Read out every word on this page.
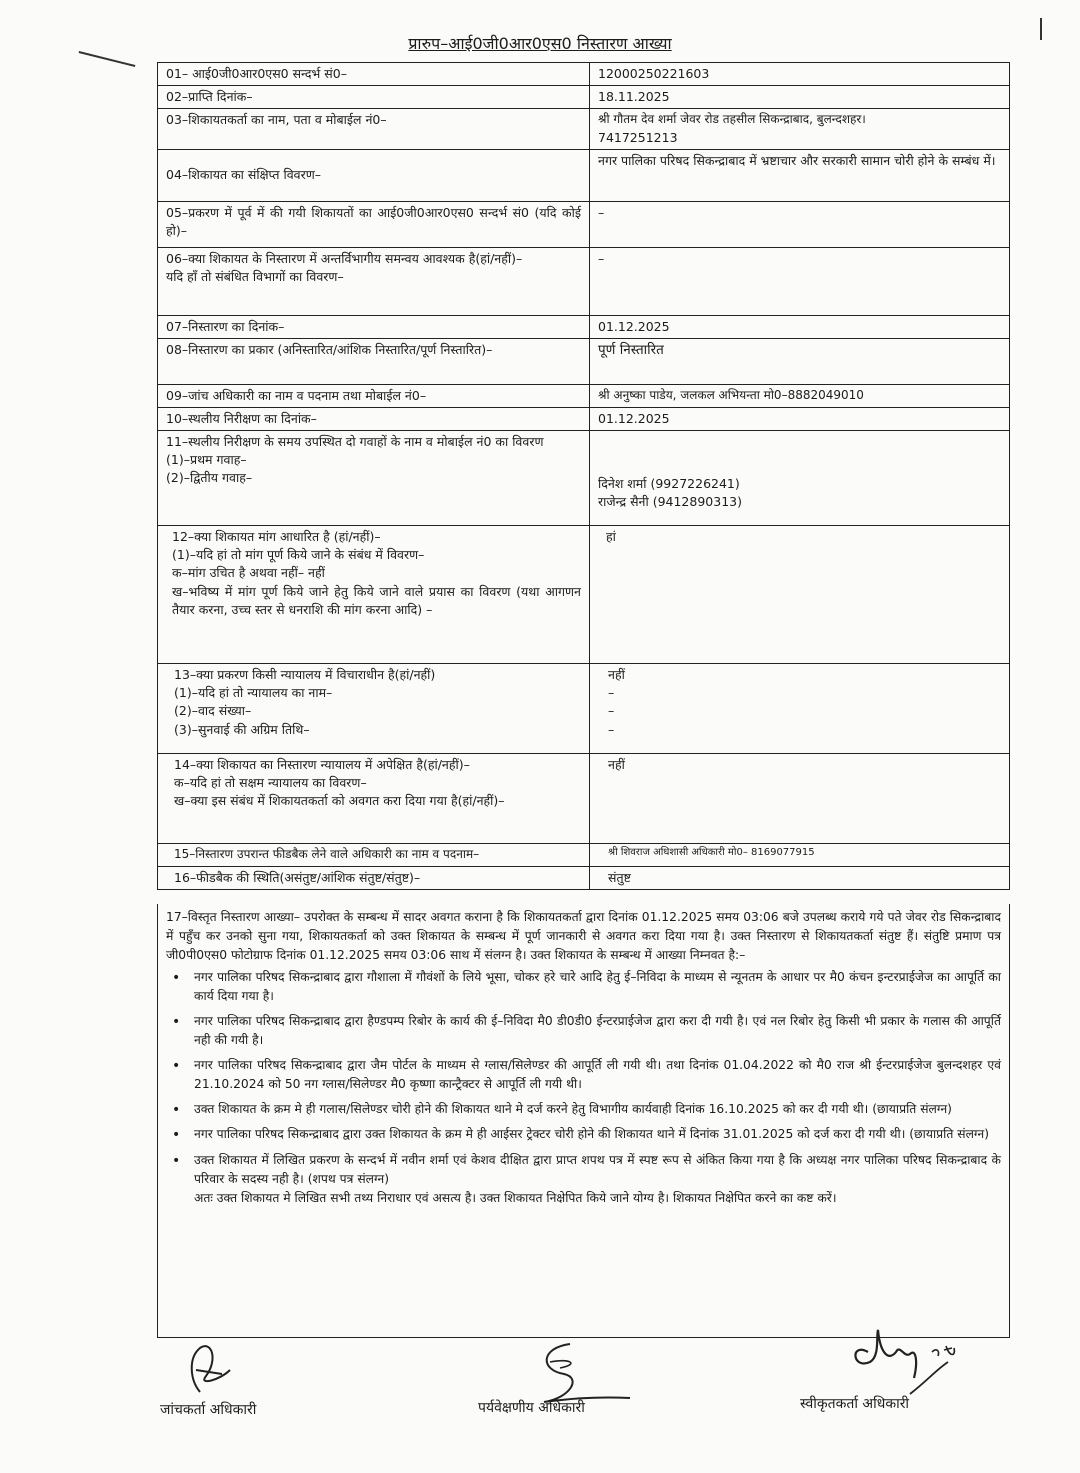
प्रारुप–आई0जी0आर0एस0 निस्तारण आख्या
01– आई0जी0आर0एस0 सन्दर्भ सं0–	12000250221603
02–प्राप्ति दिनांक–	18.11.2025
03–शिकायतकर्ता का नाम, पता व मोबाईल नं0–	श्री गौतम देव शर्मा जेवर रोड तहसील सिकन्द्राबाद, बुलन्दशहर।
7417251213

04–शिकायत का संक्षिप्त विवरण–	नगर पालिका परिषद सिकन्द्राबाद में भ्रष्टाचार और सरकारी सामान चोरी होने के सम्बंध में।
05–प्रकरण में पूर्व में की गयी शिकायतों का आई0जी0आर0एस0 सन्दर्भ सं0 (यदि कोई हो)–	–

06–क्या शिकायत के निस्तारण में अन्तर्विभागीय समन्वय आवश्यक है(हां/नहीं)–
यदि हॉं तो संबंधित विभागों का विवरण–	–
07–निस्तारण का दिनांक–	01.12.2025
08–निस्तारण का प्रकार (अनिस्तारित/आंशिक निस्तारित/पूर्ण निस्तारित)–	पूर्ण निस्तारित
09–जांच अधिकारी का नाम व पदनाम तथा मोबाईल नं0–	श्री अनुष्का पाडेय, जलकल अभियन्ता मो0–8882049010
10–स्थलीय निरीक्षण का दिनांक–	01.12.2025

11–स्थलीय निरीक्षण के समय उपस्थित दो गवाहों के नाम व मोबाईल नं0 का विवरण
(1)–प्रथम गवाह–
(2)–द्वितीय गवाह–	दिनेश शर्मा (9927226241)
राजेन्द्र सैनी (9412890313)

12–क्या शिकायत मांग आधारित है (हां/नहीं)–
(1)–यदि हां तो मांग पूर्ण किये जाने के संबंध में विवरण–
क–मांग उचित है अथवा नहीं– नहीं
ख–भविष्य में मांग पूर्ण किये जाने हेतु किये जाने वाले प्रयास का विवरण (यथा आगणन तैयार करना, उच्च स्तर से धनराशि की मांग करना आदि) –	हां

13–क्या प्रकरण किसी न्यायालय में विचाराधीन है(हां/नहीं)
(1)–यदि हां तो न्यायालय का नाम–
(2)–वाद संख्या–
(3)–सुनवाई की अग्रिम तिथि–	नहीं
–
–
–

14–क्या शिकायत का निस्तारण न्यायालय में अपेक्षित है(हां/नहीं)–
क–यदि हां तो सक्षम न्यायालय का विवरण–
ख–क्या इस संबंध में शिकायतकर्ता को अवगत करा दिया गया है(हां/नहीं)–	नहीं
15–निस्तारण उपरान्त फीडबैक लेने वाले अधिकारी का नाम व पदनाम–	श्री शिवराज अधिशासी अधिकारी मो0– 8169077915
16–फीडबैक की स्थिति(असंतुष्ट/आंशिक संतुष्ट/संतुष्ट)–	संतुष्ट

17–विस्तृत निस्तारण आख्या– उपरोक्त के सम्बन्ध में सादर अवगत कराना है कि शिकायतकर्ता द्वारा दिनांक 01.12.2025 समय 03:06 बजे उपलब्ध कराये गये पते जेवर रोड सिकन्द्राबाद में पहुँच कर उनको सुना गया, शिकायतकर्ता को उक्त शिकायत के सम्बन्ध में पूर्ण जानकारी से अवगत करा दिया गया है। उक्त निस्तारण से शिकायतकर्ता संतुष्ट हैं। संतुष्टि प्रमाण पत्र जी0पी0एस0 फोटोग्राफ दिनांक 01.12.2025 समय 03:06 साथ में संलग्न है। उक्त शिकायत के सम्बन्ध में आख्या निम्नवत है:–

• नगर पालिका परिषद सिकन्द्राबाद द्वारा गौशाला में गौवंशों के लिये भूसा, चोकर हरे चारे आदि हेतु ई–निविदा के माध्यम से न्यूनतम के आधार पर मै0 कंचन इन्टरप्राईजेज का आपूर्ति का कार्य दिया गया है।
• नगर पालिका परिषद सिकन्द्राबाद द्वारा हैण्डपम्प रिबोर के कार्य की ई–निविदा मै0 डी0डी0 ईन्टरप्राईजेज द्वारा करा दी गयी है। एवं नल रिबोर हेतु किसी भी प्रकार के गलास की आपूर्ति नही की गयी है।
• नगर पालिका परिषद सिकन्द्राबाद द्वारा जैम पोर्टल के माध्यम से ग्लास/सिलेण्डर की आपूर्ति ली गयी थी। तथा दिनांक 01.04.2022 को मै0 राज श्री ईन्टरप्राईजेज बुलन्दशहर एवं 21.10.2024 को 50 नग ग्लास/सिलेण्डर मै0 कृष्णा कान्ट्रैक्टर से आपूर्ति ली गयी थी।
• उक्त शिकायत के क्रम मे ही गलास/सिलेण्डर चोरी होने की शिकायत थाने मे दर्ज करने हेतु विभागीय कार्यवाही दिनांक 16.10.2025 को कर दी गयी थी। (छायाप्रति संलग्न)
• नगर पालिका परिषद सिकन्द्राबाद द्वारा उक्त शिकायत के क्रम मे ही आईसर ट्रेक्टर चोरी होने की शिकायत थाने में दिनांक 31.01.2025 को दर्ज करा दी गयी थी। (छायाप्रति संलग्न)
• उक्त शिकायत में लिखित प्रकरण के सन्दर्भ में नवीन शर्मा एवं केशव दीक्षित द्वारा प्राप्त शपथ पत्र में स्पष्ट रूप से अंकित किया गया है कि अध्यक्ष नगर पालिका परिषद सिकन्द्राबाद के परिवार के सदस्य नही है। (शपथ पत्र संलग्न)
अतः उक्त शिकायत मे लिखित सभी तथ्य निराधार एवं असत्य है। उक्त शिकायत निक्षेपित किये जाने योग्य है। शिकायत निक्षेपित करने का कष्ट करें।
जांचकर्ता अधिकारी	पर्यवेक्षणीय अधिकारी	स्वीकृतकर्ता अधिकारी
